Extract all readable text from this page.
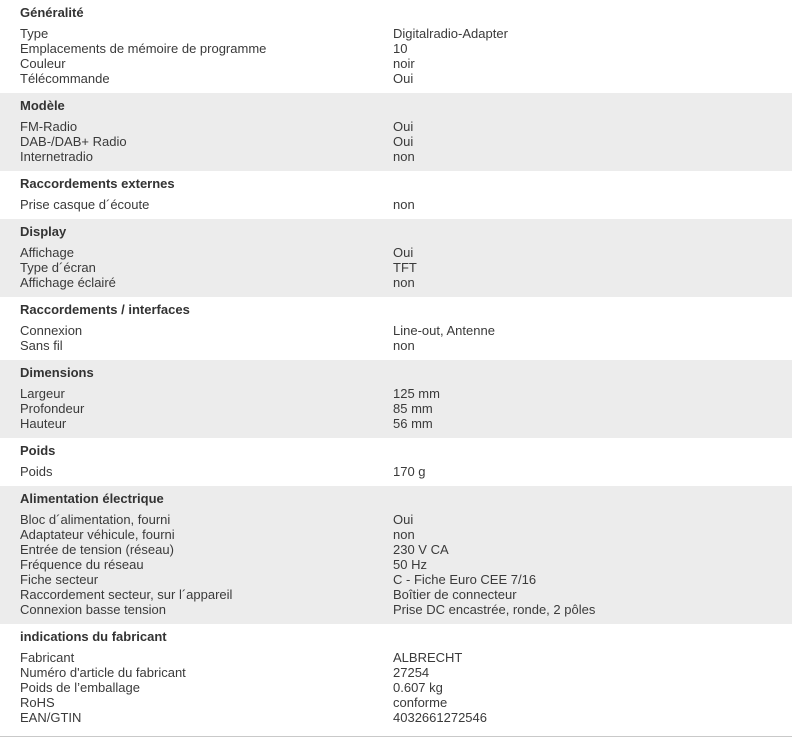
Généralité
Type	Digitalradio-Adapter
Emplacements de mémoire de programme	10
Couleur	noir
Télécommande	Oui
Modèle
FM-Radio	Oui
DAB-/DAB+ Radio	Oui
Internetradio	non
Raccordements externes
Prise casque d´écoute	non
Display
Affichage	Oui
Type d´écran	TFT
Affichage éclairé	non
Raccordements / interfaces
Connexion	Line-out, Antenne
Sans fil	non
Dimensions
Largeur	125 mm
Profondeur	85 mm
Hauteur	56 mm
Poids
Poids	170 g
Alimentation électrique
Bloc d´alimentation, fourni	Oui
Adaptateur véhicule, fourni	non
Entrée de tension (réseau)	230 V CA
Fréquence du réseau	50 Hz
Fiche secteur	C - Fiche Euro CEE 7/16
Raccordement secteur, sur l´appareil	Boîtier de connecteur
Connexion basse tension	Prise DC encastrée, ronde, 2 pôles
indications du fabricant
Fabricant	ALBRECHT
Numéro d'article du fabricant	27254
Poids de l’emballage	0.607 kg
RoHS	conforme
EAN/GTIN	4032661272546
